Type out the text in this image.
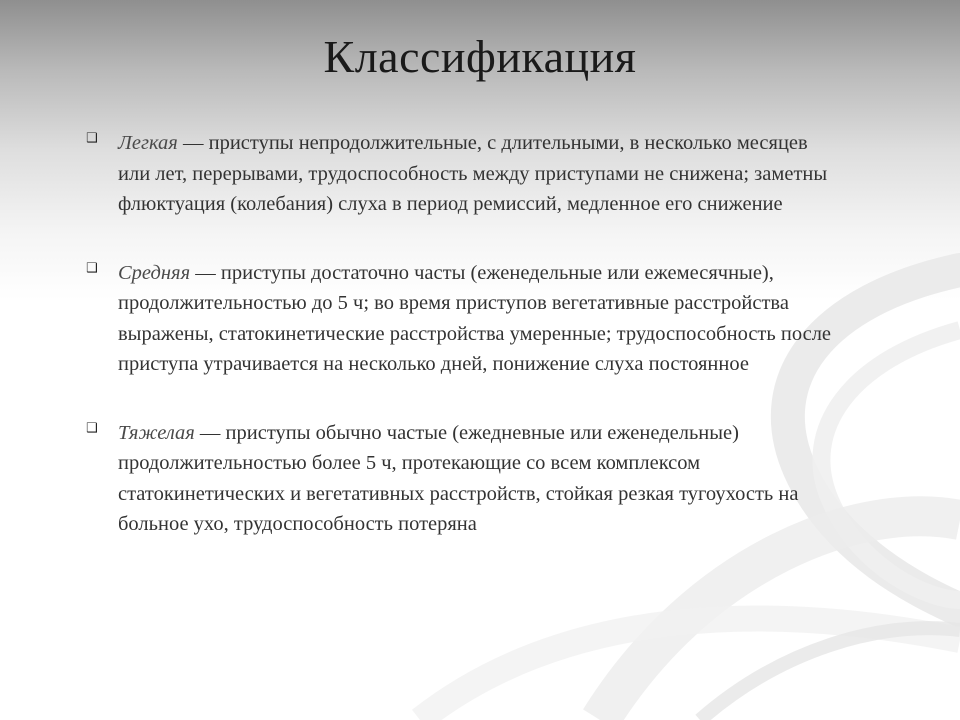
Классификация
❑ Легкая — приступы непродолжительные, с длительными, в несколько месяцев или лет, перерывами, трудоспособность между приступами не снижена; заметны флюктуация (колебания) слуха в период ремиссий, медленное его снижение
❑ Средняя — приступы достаточно часты (еженедельные или ежемесячные), продолжительностью до 5 ч; во время приступов вегетативные расстройства выражены, статокинетические расстройства умеренные; трудоспособность после приступа утрачивается на несколько дней, понижение слуха постоянное
❑ Тяжелая — приступы обычно частые (ежедневные или еженедельные) продолжительностью более 5 ч, протекающие со всем комплексом статокинетических и вегетативных расстройств, стойкая резкая тугоухость на больное ухо, трудоспособность потеряна
